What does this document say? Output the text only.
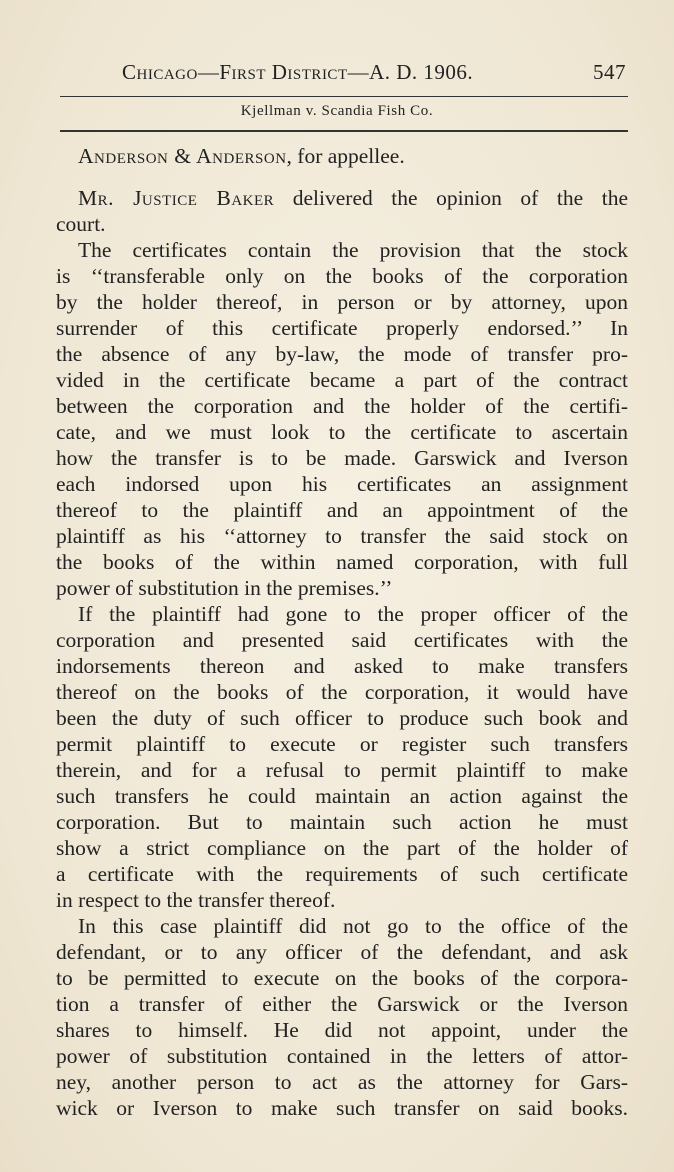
Chicago—First District—A. D. 1906.	547
Kjellman v. Scandia Fish Co.
Anderson & Anderson, for appellee.
Mr. Justice Baker delivered the opinion of the the
court.
The certificates contain the provision that the stock
is ‘‘transferable only on the books of the corporation
by the holder thereof, in person or by attorney, upon
surrender of this certificate properly endorsed.’’ In
the absence of any by-law, the mode of transfer pro-
vided in the certificate became a part of the contract
between the corporation and the holder of the certifi-
cate, and we must look to the certificate to ascertain
how the transfer is to be made. Garswick and Iverson
each indorsed upon his certificates an assignment
thereof to the plaintiff and an appointment of the
plaintiff as his ‘‘attorney to transfer the said stock on
the books of the within named corporation, with full
power of substitution in the premises.’’
If the plaintiff had gone to the proper officer of the
corporation and presented said certificates with the
indorsements thereon and asked to make transfers
thereof on the books of the corporation, it would have
been the duty of such officer to produce such book and
permit plaintiff to execute or register such transfers
therein, and for a refusal to permit plaintiff to make
such transfers he could maintain an action against the
corporation. But to maintain such action he must
show a strict compliance on the part of the holder of
a certificate with the requirements of such certificate
in respect to the transfer thereof.
In this case plaintiff did not go to the office of the
defendant, or to any officer of the defendant, and ask
to be permitted to execute on the books of the corpora-
tion a transfer of either the Garswick or the Iverson
shares to himself. He did not appoint, under the
power of substitution contained in the letters of attor-
ney, another person to act as the attorney for Gars-
wick or Iverson to make such transfer on said books.
